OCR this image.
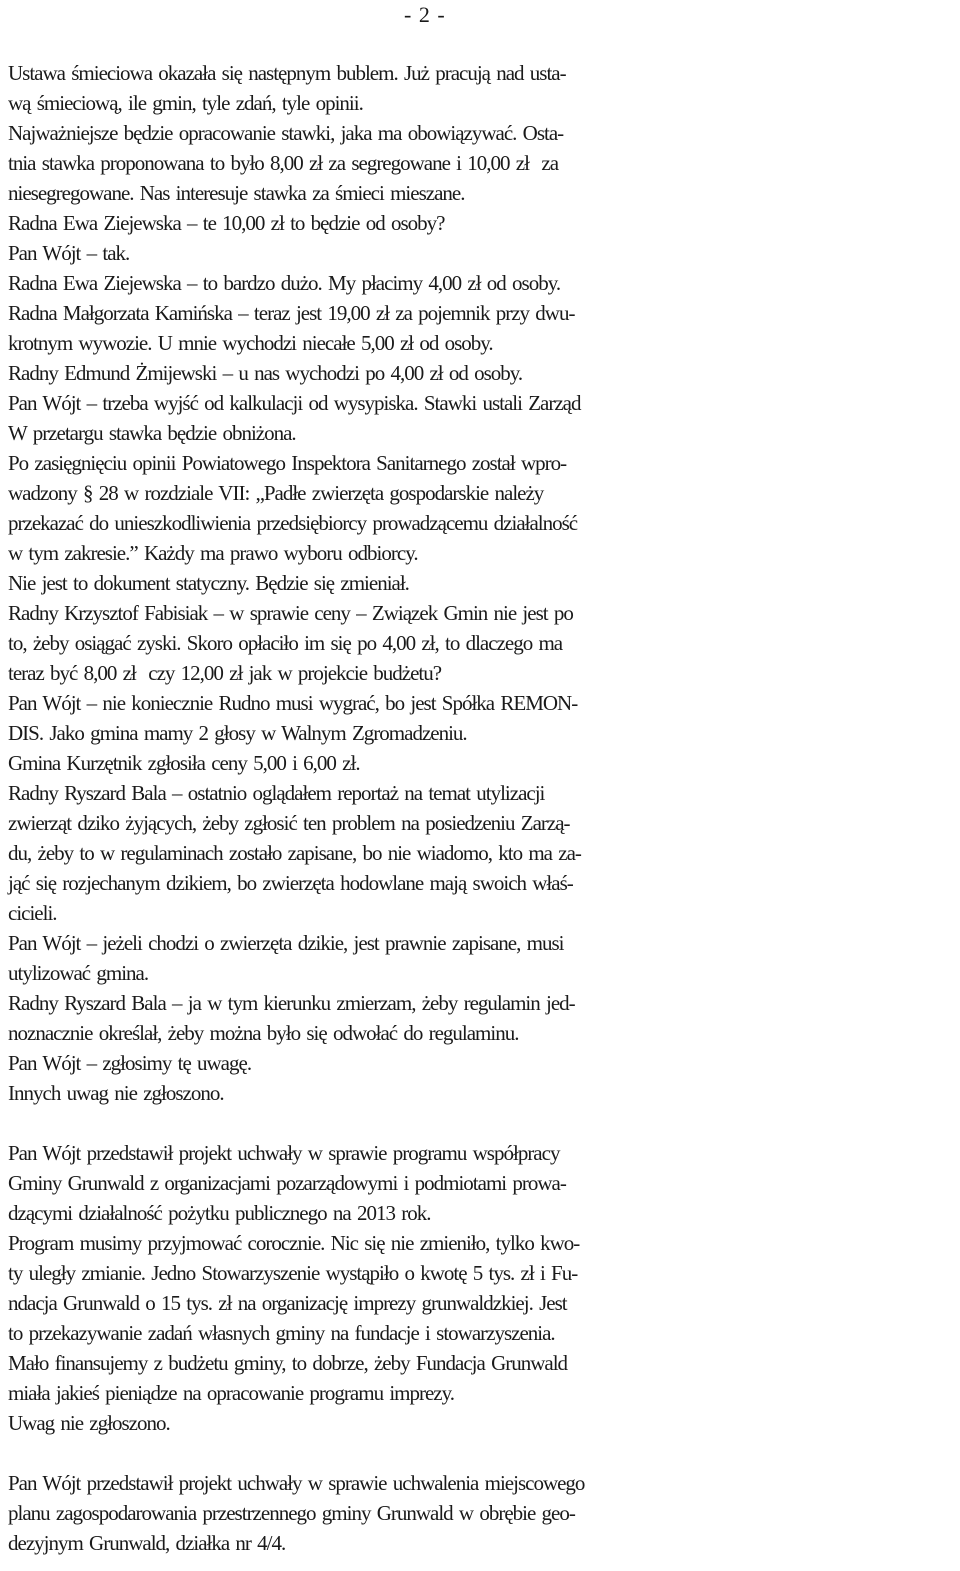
- 2 -
Ustawa śmieciowa okazała się następnym bublem. Już pracują nad usta-
wą śmieciową, ile gmin, tyle zdań, tyle opinii.
Najważniejsze będzie opracowanie stawki, jaka ma obowiązywać. Osta-
tnia stawka proponowana to było 8,00 zł za segregowane i 10,00 zł  za
niesegregowane. Nas interesuje stawka za śmieci mieszane.
Radna Ewa Ziejewska – te 10,00 zł to będzie od osoby?
Pan Wójt – tak.
Radna Ewa Ziejewska – to bardzo dużo. My płacimy 4,00 zł od osoby.
Radna Małgorzata Kamińska – teraz jest 19,00 zł za pojemnik przy dwu-
krotnym wywozie. U mnie wychodzi niecałe 5,00 zł od osoby.
Radny Edmund Żmijewski – u nas wychodzi po 4,00 zł od osoby.
Pan Wójt – trzeba wyjść od kalkulacji od wysypiska. Stawki ustali Zarząd
W przetargu stawka będzie obniżona.
Po zasięgnięciu opinii Powiatowego Inspektora Sanitarnego został wpro-
wadzony § 28 w rozdziale VII: „Padłe zwierzęta gospodarskie należy
przekazać do unieszkodliwienia przedsiębiorcy prowadzącemu działalność
w tym zakresie.” Każdy ma prawo wyboru odbiorcy.
Nie jest to dokument statyczny. Będzie się zmieniał.
Radny Krzysztof Fabisiak – w sprawie ceny – Związek Gmin nie jest po
to, żeby osiągać zyski. Skoro opłaciło im się po 4,00 zł, to dlaczego ma
teraz być 8,00 zł  czy 12,00 zł jak w projekcie budżetu?
Pan Wójt – nie koniecznie Rudno musi wygrać, bo jest Spółka REMON-
DIS. Jako gmina mamy 2 głosy w Walnym Zgromadzeniu.
Gmina Kurzętnik zgłosiła ceny 5,00 i 6,00 zł.
Radny Ryszard Bala – ostatnio oglądałem reportaż na temat utylizacji
zwierząt dziko żyjących, żeby zgłosić ten problem na posiedzeniu Zarzą-
du, żeby to w regulaminach zostało zapisane, bo nie wiadomo, kto ma za-
jąć się rozjechanym dzikiem, bo zwierzęta hodowlane mają swoich właś-
cicieli.
Pan Wójt – jeżeli chodzi o zwierzęta dzikie, jest prawnie zapisane, musi
utylizować gmina.
Radny Ryszard Bala – ja w tym kierunku zmierzam, żeby regulamin jed-
noznacznie określał, żeby można było się odwołać do regulaminu.
Pan Wójt – zgłosimy tę uwagę.
Innych uwag nie zgłoszono.
Pan Wójt przedstawił projekt uchwały w sprawie programu współpracy
Gminy Grunwald z organizacjami pozarządowymi i podmiotami prowa-
dzącymi działalność pożytku publicznego na 2013 rok.
Program musimy przyjmować corocznie. Nic się nie zmieniło, tylko kwo-
ty uległy zmianie. Jedno Stowarzyszenie wystąpiło o kwotę 5 tys. zł i Fu-
ndacja Grunwald o 15 tys. zł na organizację imprezy grunwaldzkiej. Jest
to przekazywanie zadań własnych gminy na fundacje i stowarzyszenia.
Mało finansujemy z budżetu gminy, to dobrze, żeby Fundacja Grunwald
miała jakieś pieniądze na opracowanie programu imprezy.
Uwag nie zgłoszono.
Pan Wójt przedstawił projekt uchwały w sprawie uchwalenia miejscowego
planu zagospodarowania przestrzennego gminy Grunwald w obrębie geo-
dezyjnym Grunwald, działka nr 4/4.
